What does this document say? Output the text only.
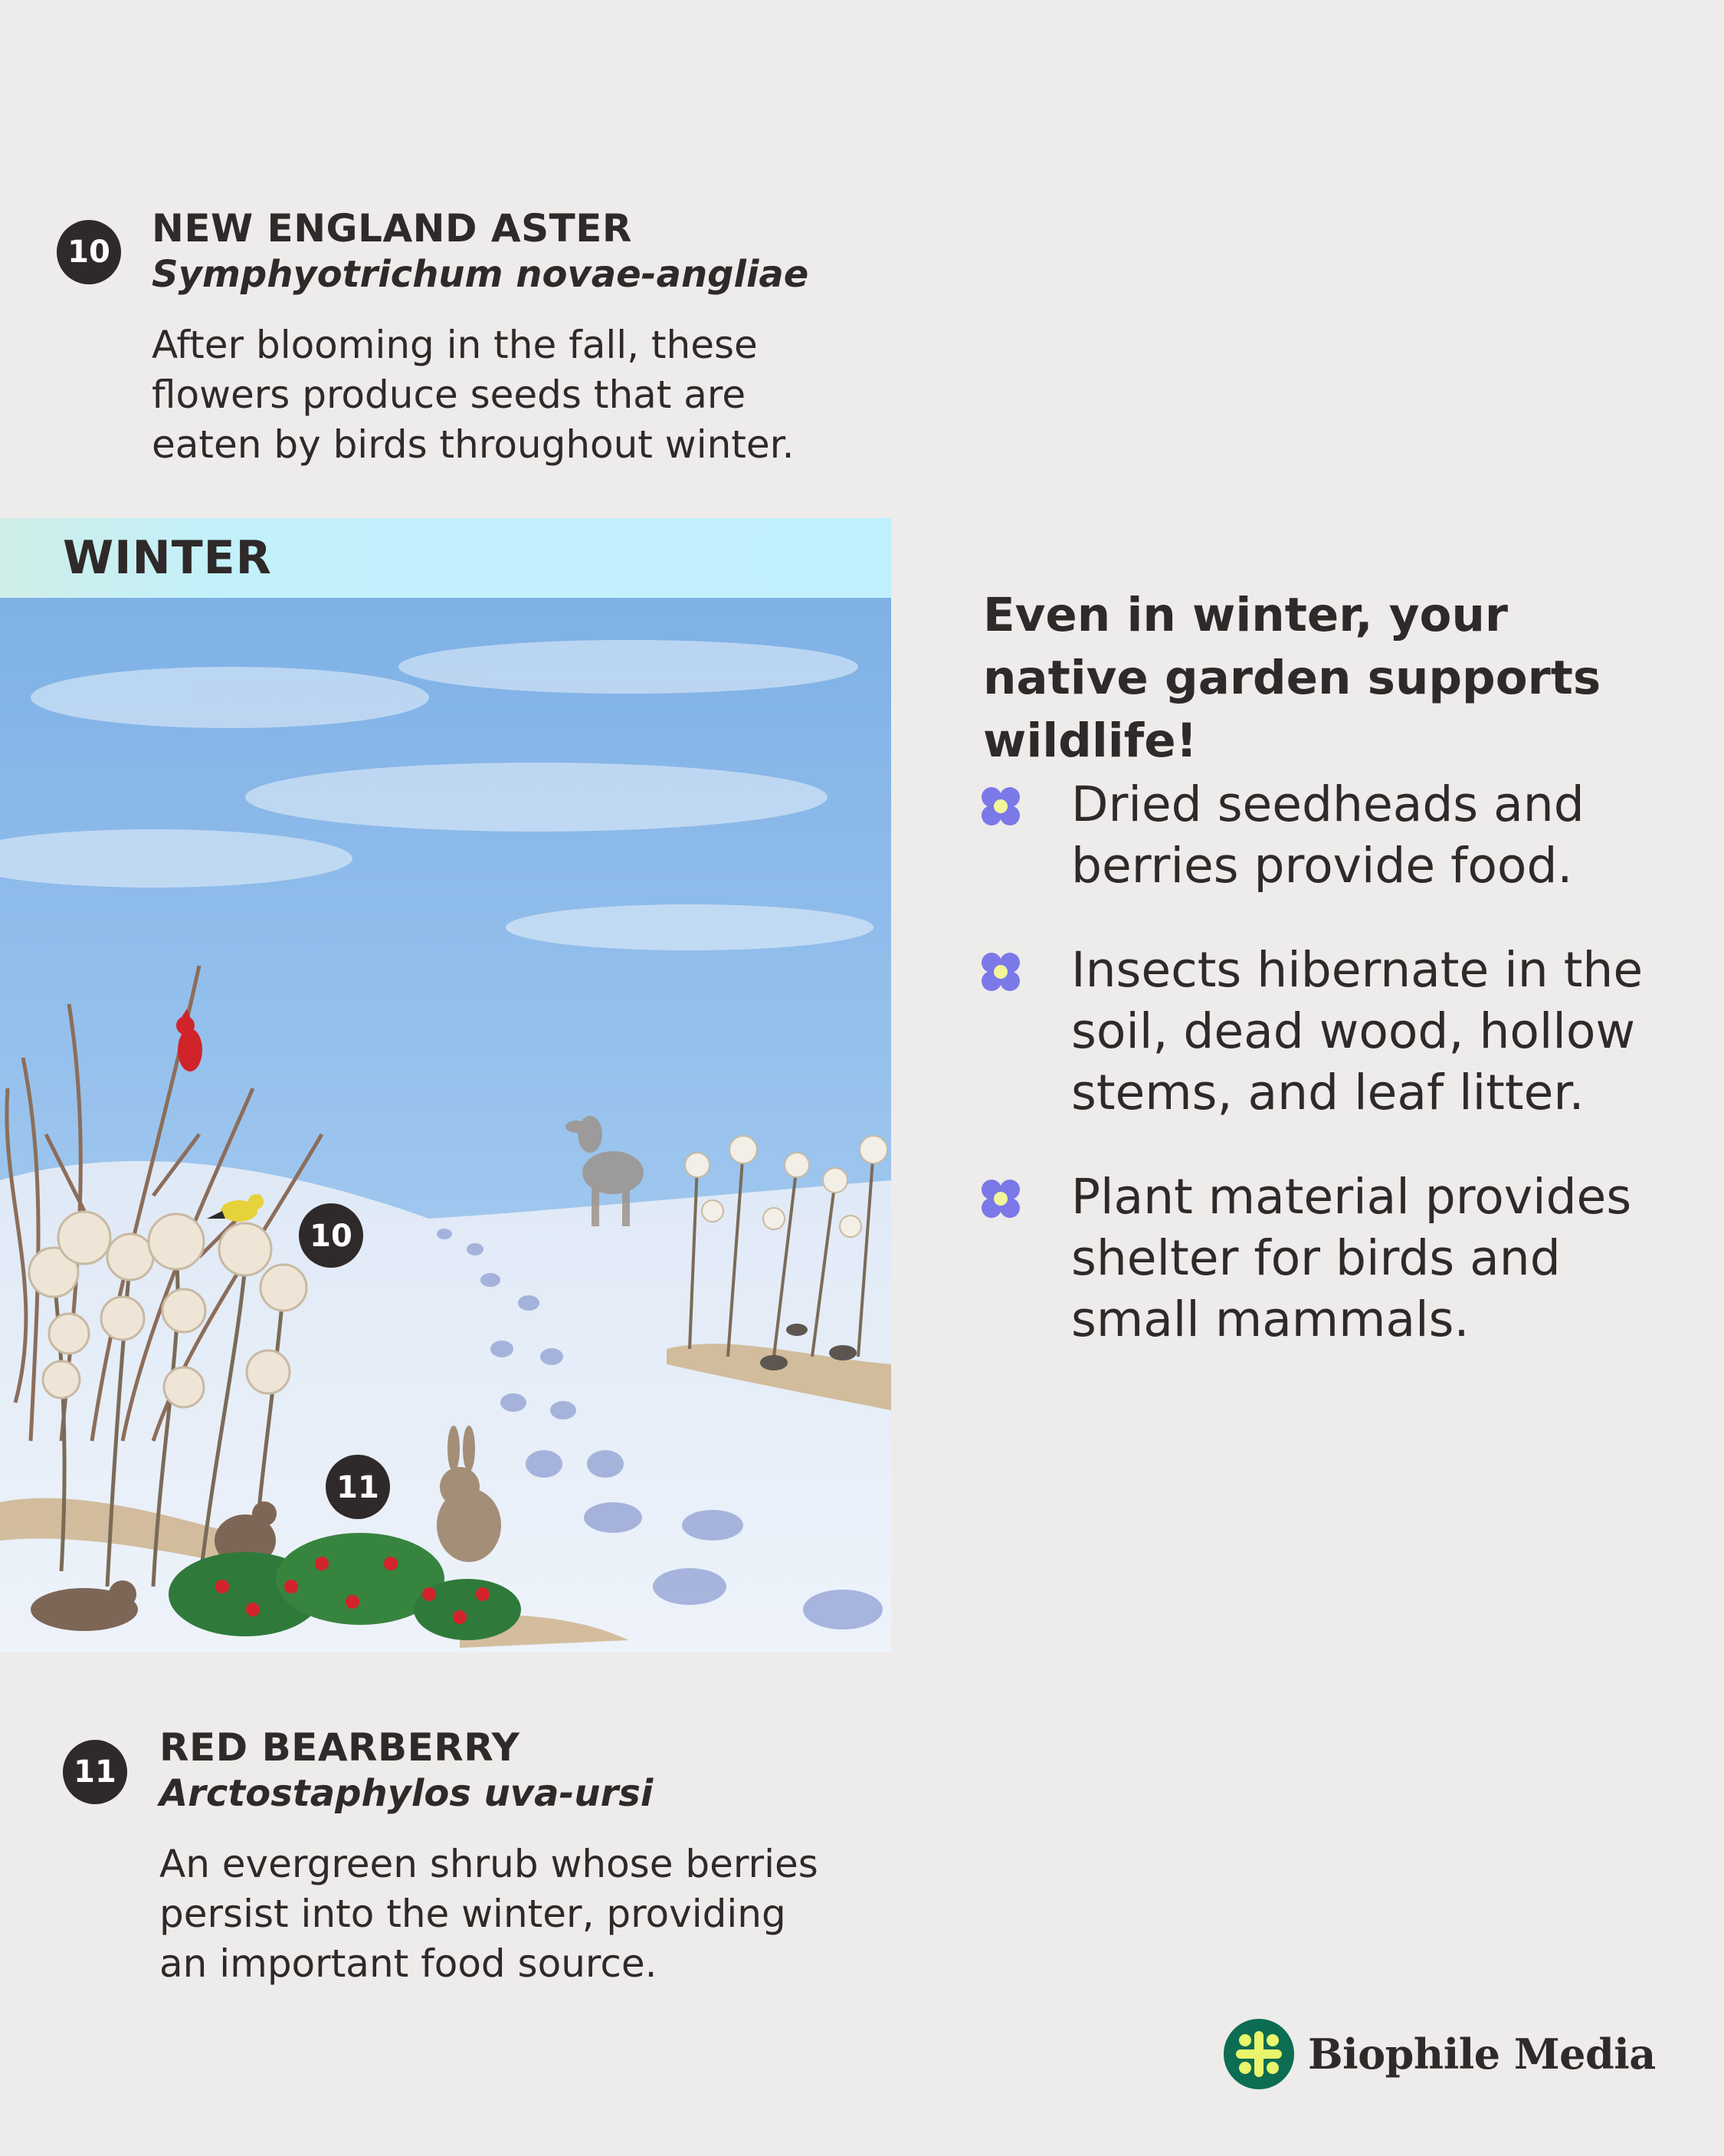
10
NEW ENGLAND ASTER
Symphyotrichum novae-angliae
After blooming in the fall, these flowers produce seeds that are eaten by birds throughout winter.
WINTER
10
11
11
RED BEARBERRY
Arctostaphylos uva-ursi
An evergreen shrub whose berries persist into the winter, providing an important food source.
Even in winter, your native garden supports wildlife!
Dried seedheads and berries provide food.
Insects hibernate in the soil, dead wood, hollow stems, and leaf litter.
Plant material provides shelter for birds and small mammals.
Biophile Media
